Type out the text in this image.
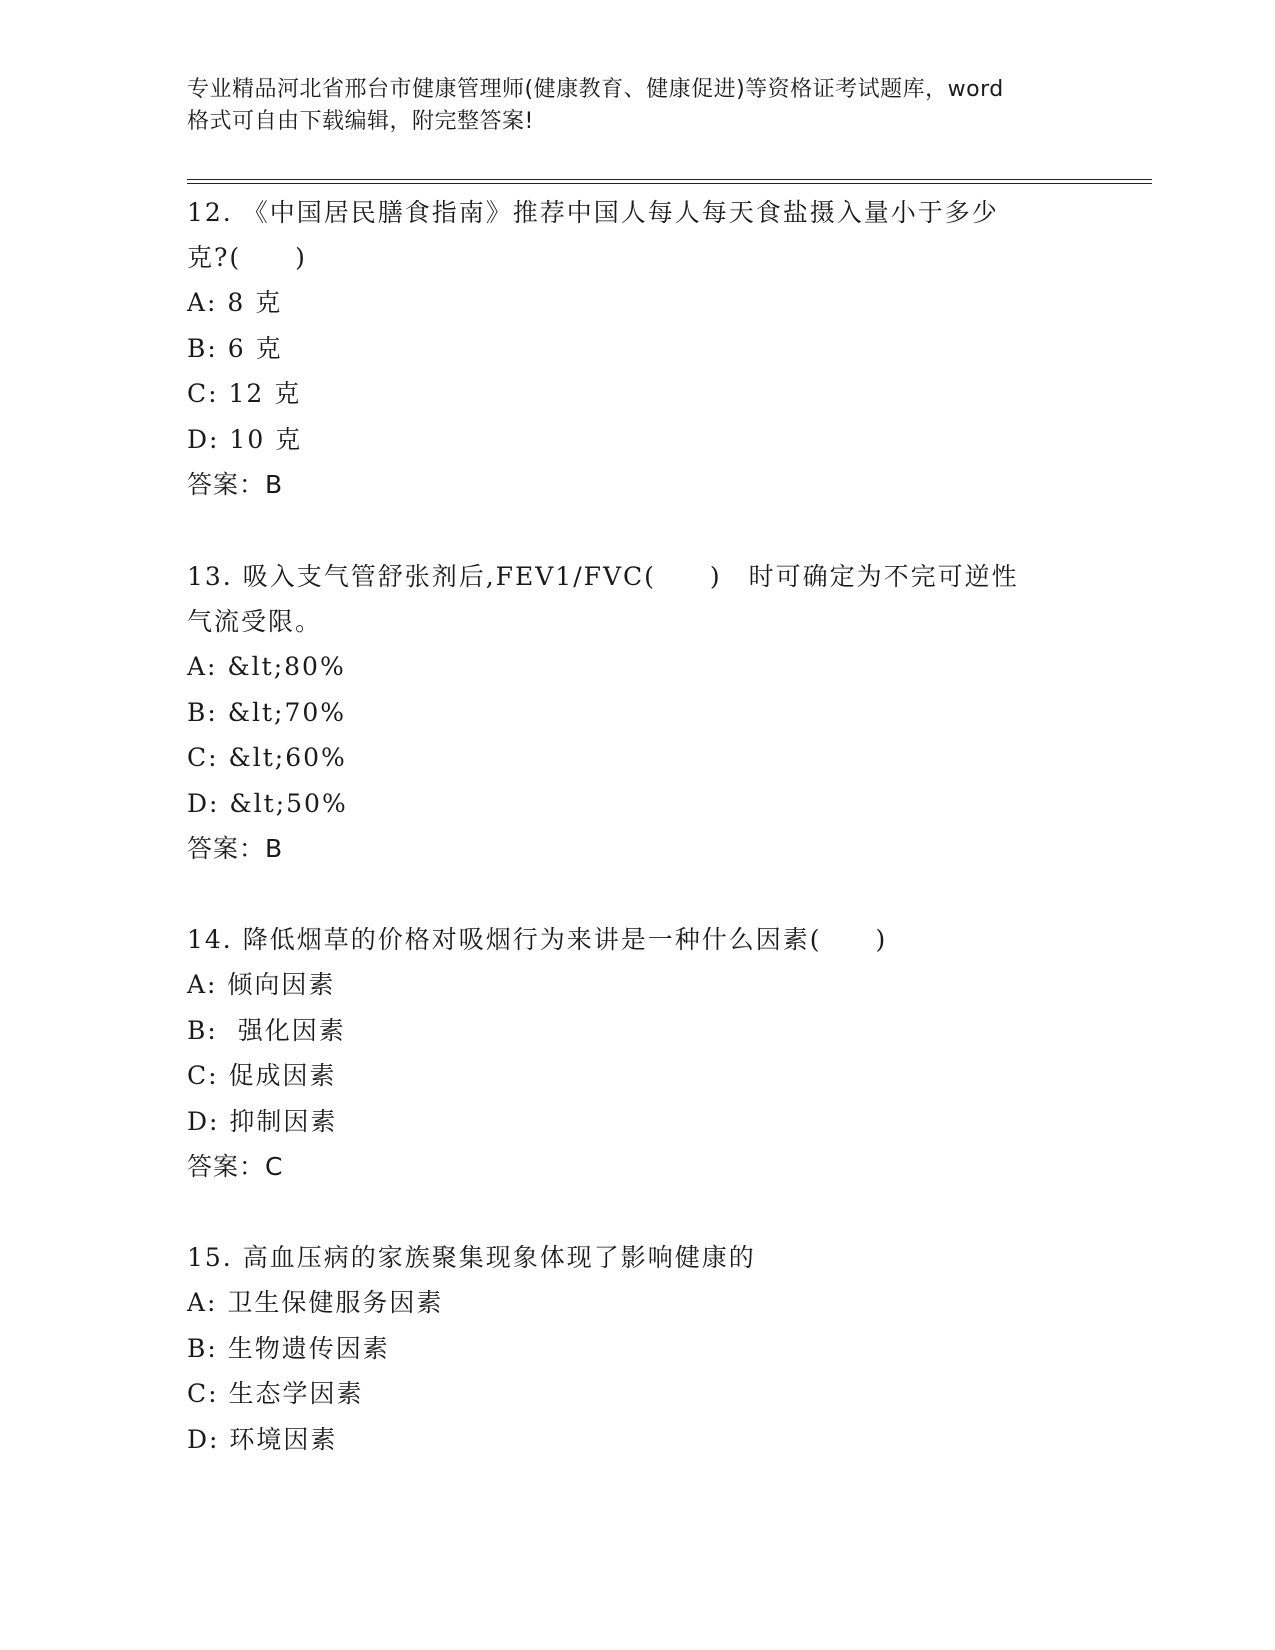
专业精品河北省邢台市健康管理师(健康教育、健康促进)等资格证考试题库，word
格式可自由下载编辑，附完整答案!
12. 《中国居民膳食指南》推荐中国人每人每天食盐摄入量小于多少
克?(　　)
A: 8 克
B: 6 克
C: 12 克
D: 10 克
答案：B
13. 吸入支气管舒张剂后,FEV1/FVC(　　)　时可确定为不完可逆性
气流受限。
A: &lt;80%
B: &lt;70%
C: &lt;60%
D: &lt;50%
答案：B
14. 降低烟草的价格对吸烟行为来讲是一种什么因素(　　)
A: 倾向因素
B:  强化因素
C: 促成因素
D: 抑制因素
答案：C
15. 高血压病的家族聚集现象体现了影响健康的
A: 卫生保健服务因素
B: 生物遗传因素
C: 生态学因素
D: 环境因素
